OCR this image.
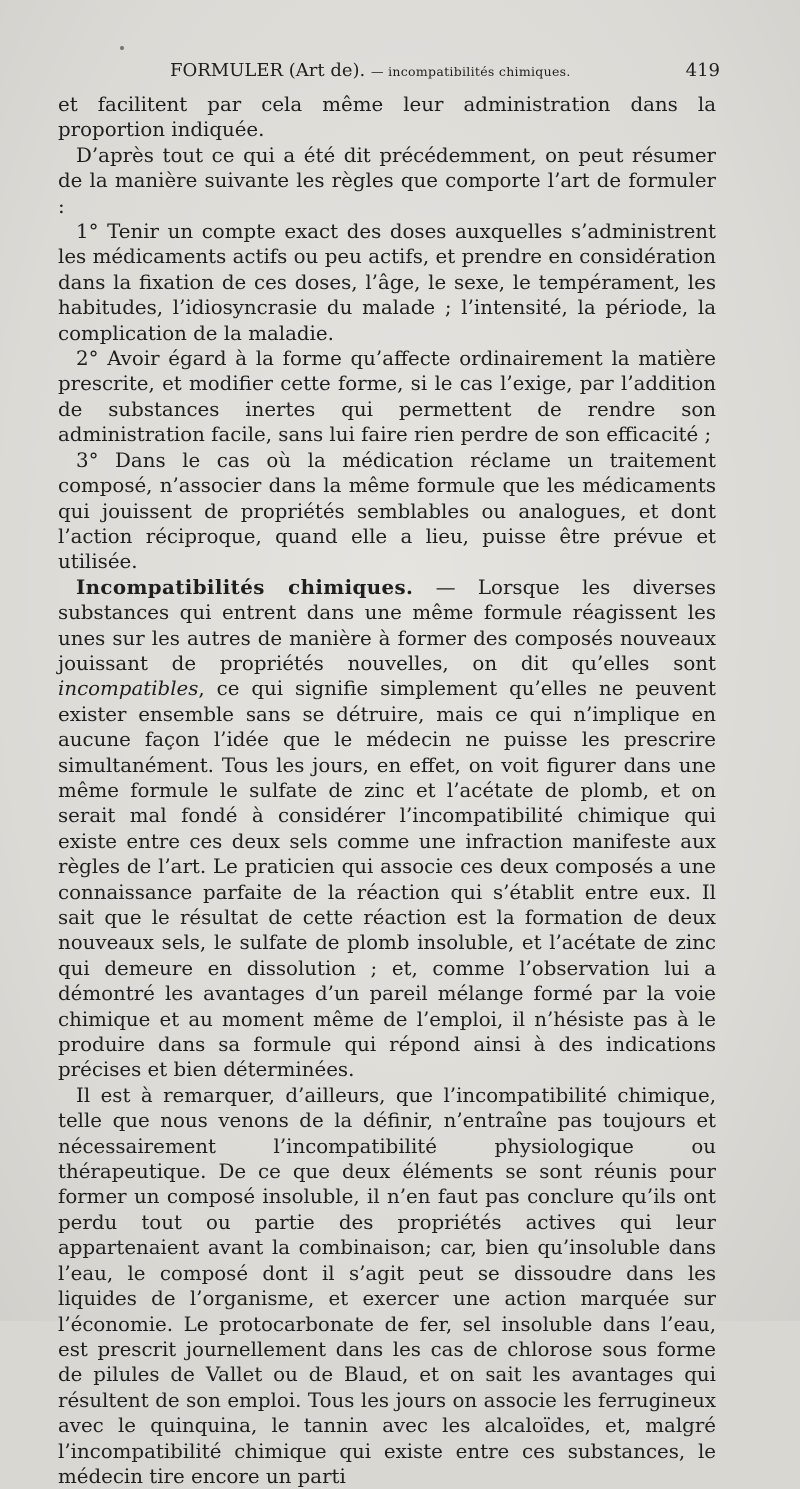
FORMULER (Art de). — incompatibilités chimiques.	419

et facilitent par cela même leur administration dans la proportion indiquée.

D’après tout ce qui a été dit précédemment, on peut résumer de la manière suivante les règles que comporte l’art de formuler :

1° Tenir un compte exact des doses auxquelles s’administrent les médicaments actifs ou peu actifs, et prendre en considération dans la fixation de ces doses, l’âge, le sexe, le tempérament, les habitudes, l’idiosyncrasie du malade ; l’intensité, la période, la complication de la maladie.

2° Avoir égard à la forme qu’affecte ordinairement la matière prescrite, et modifier cette forme, si le cas l’exige, par l’addition de substances inertes qui permettent de rendre son administration facile, sans lui faire rien perdre de son efficacité ;

3° Dans le cas où la médication réclame un traitement composé, n’associer dans la même formule que les médicaments qui jouissent de propriétés semblables ou analogues, et dont l’action réciproque, quand elle a lieu, puisse être prévue et utilisée.

Incompatibilités chimiques. — Lorsque les diverses substances qui entrent dans une même formule réagissent les unes sur les autres de manière à former des composés nouveaux jouissant de propriétés nouvelles, on dit qu’elles sont incompatibles, ce qui signifie simplement qu’elles ne peuvent exister ensemble sans se détruire, mais ce qui n’implique en aucune façon l’idée que le médecin ne puisse les prescrire simultanément. Tous les jours, en effet, on voit figurer dans une même formule le sulfate de zinc et l’acétate de plomb, et on serait mal fondé à considérer l’incompatibilité chimique qui existe entre ces deux sels comme une infraction manifeste aux règles de l’art. Le praticien qui associe ces deux composés a une connaissance parfaite de la réaction qui s’établit entre eux. Il sait que le résultat de cette réaction est la formation de deux nouveaux sels, le sulfate de plomb insoluble, et l’acétate de zinc qui demeure en dissolution ; et, comme l’observation lui a démontré les avantages d’un pareil mélange formé par la voie chimique et au moment même de l’emploi, il n’hésiste pas à le produire dans sa formule qui répond ainsi à des indications précises et bien déterminées.

Il est à remarquer, d’ailleurs, que l’incompatibilité chimique, telle que nous venons de la définir, n’entraîne pas toujours et nécessairement l’incompatibilité physiologique ou thérapeutique. De ce que deux éléments se sont réunis pour former un composé insoluble, il n’en faut pas conclure qu’ils ont perdu tout ou partie des propriétés actives qui leur appartenaient avant la combinaison; car, bien qu’insoluble dans l’eau, le composé dont il s’agit peut se dissoudre dans les liquides de l’organisme, et exercer une action marquée sur l’économie. Le protocarbonate de fer, sel insoluble dans l’eau, est prescrit journellement dans les cas de chlorose sous forme de pilules de Vallet ou de Blaud, et on sait les avantages qui résultent de son emploi. Tous les jours on associe les ferrugineux avec le quinquina, le tannin avec les alcaloïdes, et, malgré l’incompatibilité chimique qui existe entre ces substances, le médecin tire encore un parti
